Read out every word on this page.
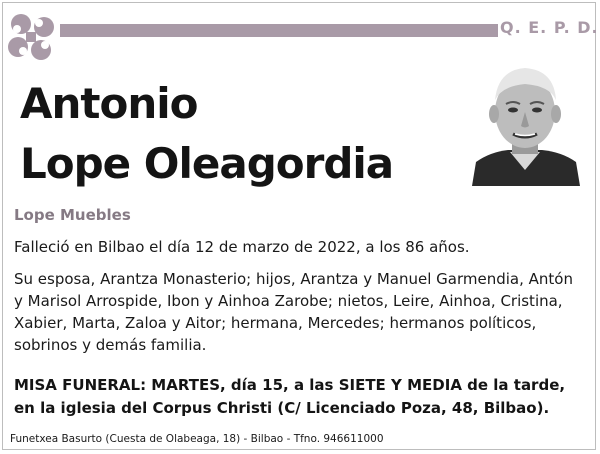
Q. E. P. D.
Antonio
Lope Oleagordia
Lope Muebles
Falleció en Bilbao el día 12 de marzo de 2022, a los 86 años.
Su esposa, Arantza Monasterio; hijos, Arantza y Manuel Garmendia, Antón y Marisol Arrospide, Ibon y Ainhoa Zarobe; nietos, Leire, Ainhoa, Cristina, Xabier, Marta, Zaloa y Aitor; hermana, Mercedes; hermanos políticos, sobrinos y demás familia.
MISA FUNERAL: MARTES, día 15, a las SIETE Y MEDIA de la tarde, en la iglesia del Corpus Christi (C/ Licenciado Poza, 48, Bilbao).
Funetxea Basurto (Cuesta de Olabeaga, 18) - Bilbao - Tfno. 946611000
